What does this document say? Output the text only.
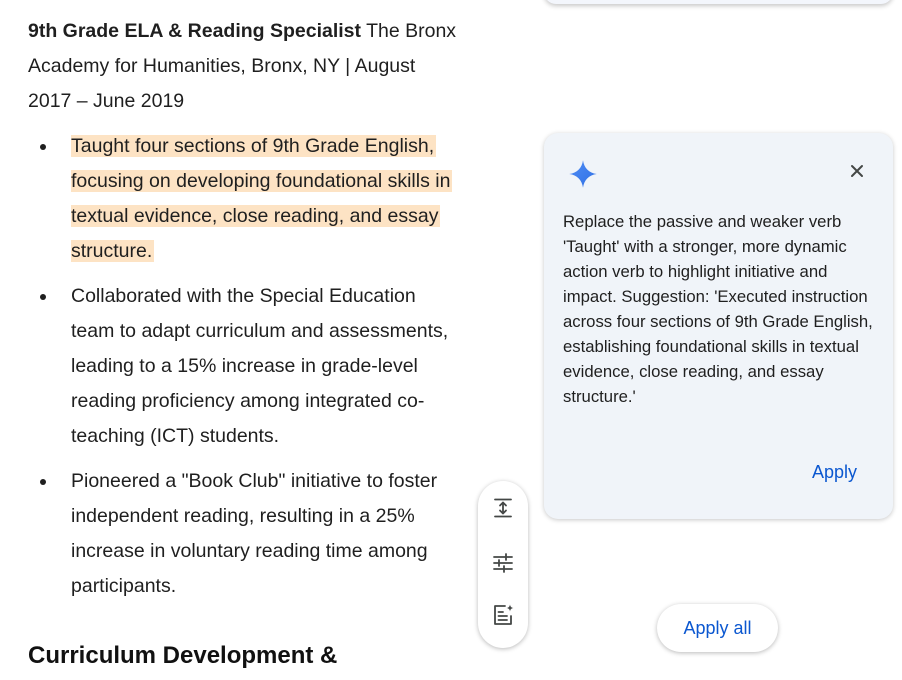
9th Grade ELA & Reading Specialist The Bronx Academy for Humanities, Bronx, NY | August 2017 – June 2019

Taught four sections of 9th Grade English, focusing on developing foundational skills in textual evidence, close reading, and essay structure.
Collaborated with the Special Education team to adapt curriculum and assessments, leading to a 15% increase in grade-level reading proficiency among integrated co-teaching (ICT) students.
Pioneered a "Book Club" initiative to foster independent reading, resulting in a 25% increase in voluntary reading time among participants.
Curriculum Development &

Replace the passive and weaker verb 'Taught' with a stronger, more dynamic action verb to highlight initiative and impact. Suggestion: 'Executed instruction across four sections of 9th Grade English, establishing foundational skills in textual evidence, close reading, and essay structure.'

Apply
Apply all
